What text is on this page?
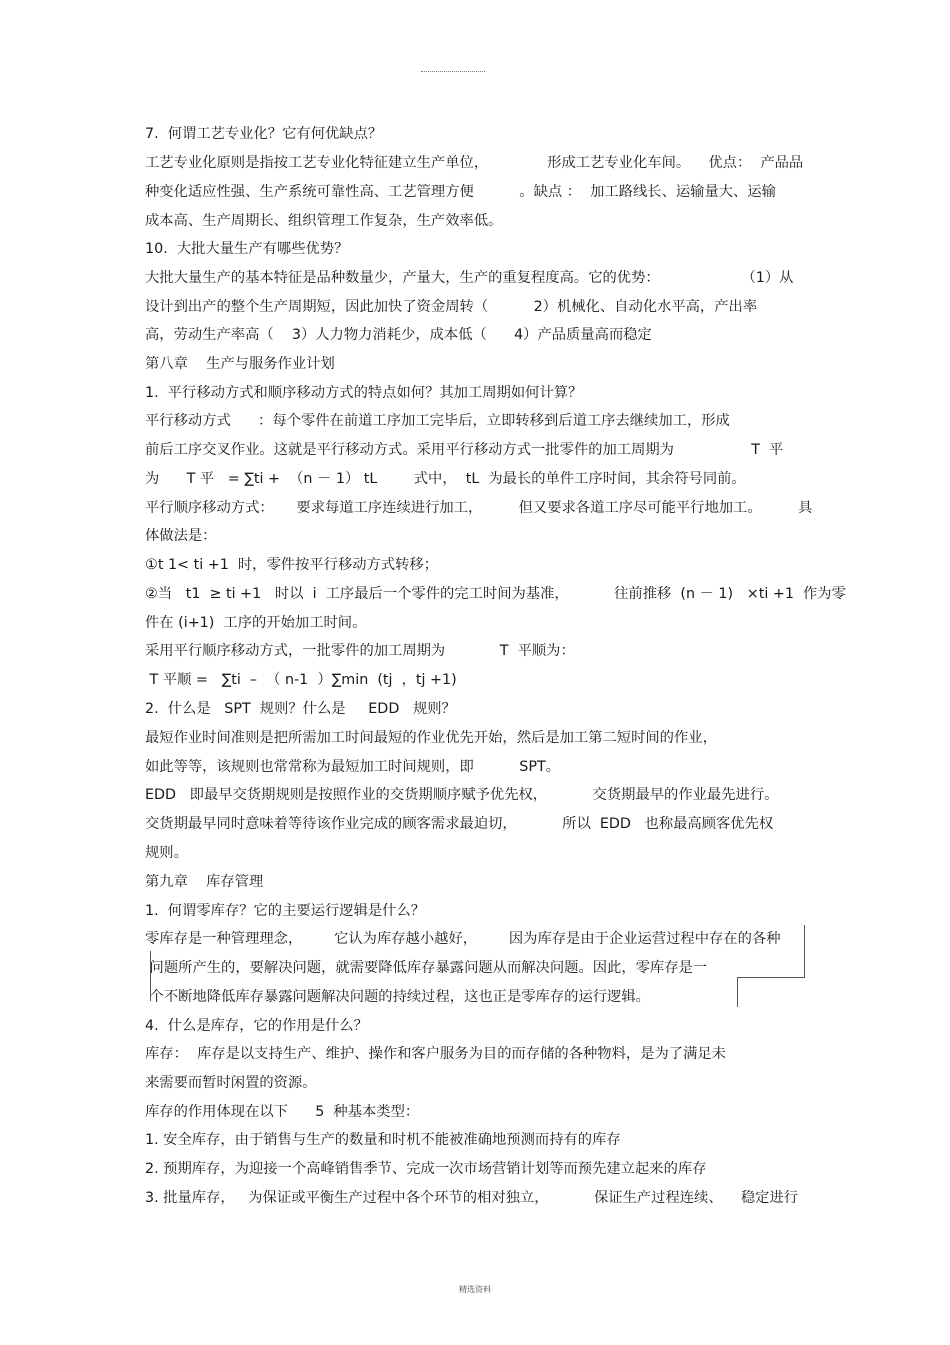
7.  何谓工艺专业化？它有何优缺点？
工艺专业化原则是指按工艺专业化特征建立生产单位，             形成工艺专业化车间。    优点：  产品品
种变化适应性强、生产系统可靠性高、工艺管理方便          。缺点 ：  加工路线长、运输量大、运输
成本高、生产周期长、组织管理工作复杂，生产效率低。
10.  大批大量生产有哪些优势？
大批大量生产的基本特征是品种数量少，产量大，生产的重复程度高。它的优势：                  （1）从
设计到出产的整个生产周期短，因此加快了资金周转（          2）机械化、自动化水平高，产出率
高，劳动生产率高（    3）人力物力消耗少，成本低（      4）产品质量高而稳定
第八章    生产与服务作业计划
1.  平行移动方式和顺序移动方式的特点如何？其加工周期如何计算？
平行移动方式      ：每个零件在前道工序加工完毕后，立即转移到后道工序去继续加工，形成
前后工序交叉作业。这就是平行移动方式。采用平行移动方式一批零件的加工周期为                 T  平
为      T 平   = ∑ti +  （n － 1） tL        式中，  tL  为最长的单件工序时间，其余符号同前。
平行顺序移动方式：     要求每道工序连续进行加工，        但又要求各道工序尽可能平行地加工。        具
体做法是：
①t 1< ti +1  时，零件按平行移动方式转移；
②当   t1  ≥ ti +1   时以  i  工序最后一个零件的完工时间为基准，          往前推移  (n － 1)   ×ti +1  作为零
件在 (i+1)  工序的开始加工时间。
采用平行顺序移动方式，一批零件的加工周期为            T  平顺为：
T 平顺 =   ∑ti  –  （ n-1  ）∑min  (tj  ，tj +1)
2.  什么是   SPT  规则？什么是     EDD   规则？
最短作业时间准则是把所需加工时间最短的作业优先开始，然后是加工第二短时间的作业，
如此等等，该规则也常常称为最短加工时间规则，即          SPT。
EDD   即最早交货期规则是按照作业的交货期顺序赋予优先权，          交货期最早的作业最先进行。
交货期最早同时意味着等待该作业完成的顾客需求最迫切，          所以  EDD   也称最高顾客优先权
规则。
第九章    库存管理
1.  何谓零库存？它的主要运行逻辑是什么？
零库存是一种管理理念，       它认为库存越小越好，       因为库存是由于企业运营过程中存在的各种
问题所产生的，要解决问题，就需要降低库存暴露问题从而解决问题。因此，零库存是一
个不断地降低库存暴露问题解决问题的持续过程，这也正是零库存的运行逻辑。
4.  什么是库存，它的作用是什么？
库存：  库存是以支持生产、维护、操作和客户服务为目的而存储的各种物料，是为了满足未
来需要而暂时闲置的资源。
库存的作用体现在以下      5  种基本类型：
1. 安全库存，由于销售与生产的数量和时机不能被准确地预测而持有的库存
2. 预期库存，为迎接一个高峰销售季节、完成一次市场营销计划等而预先建立起来的库存
3. 批量库存，   为保证或平衡生产过程中各个环节的相对独立，          保证生产过程连续、    稳定进行
精选资料
